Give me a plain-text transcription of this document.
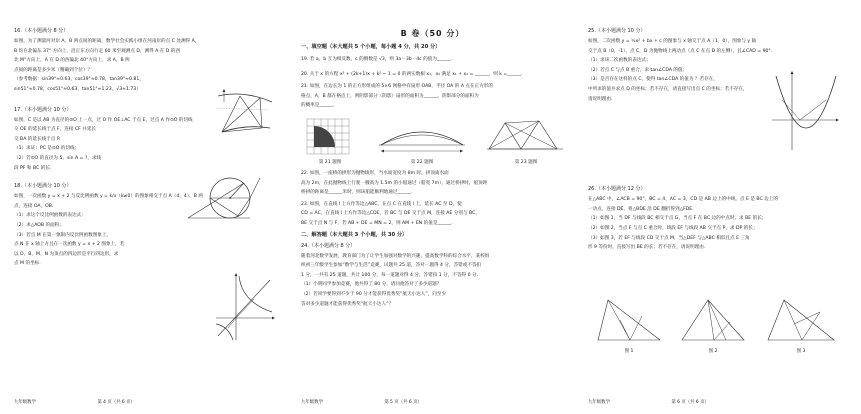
16.（本小题满分 8 分）

如图，为了测量河对岸 A，B 两点间的距离，数学社会实践小组在河南岸的点 C 处测得 A，

B 均在北偏东 37° 方向上，沿正东方向行走 60 米至观测点 D，测得 A 在 D 的西

北 M°方向上，A 在 D 的西偏北 40°方向上，求 A，B 两

点间的距离是多少米（精确到个位）？

（参考数据：sin39°≈0.63，cos39°≈0.78，tan39°≈0.81，

sin51°≈0.78，cos51°≈0.63，tan51°≈1.23，√3≈1.73）

17.（本小题满分 10 分）

如图，C 是以 AB 为直径的⊙O 上一点，过 O 作 OE⊥AC 于点 E，过点 A 作⊙O 的切线交 OE 的延长线于点 F，连接 CF 并延长

交 BA 的延长线于点 P.

（1）求证：PC 是⊙O 的切线；

（2）若⊙O 的直径为 5，sin A = ?，求线

段 PF 和 BC 的长.

18.（本小题满分 10 分）

如图，一次函数 y = x + 2 与反比例函数 y = k/x（k≠0）的图象相交于点 A（4，4）、B 两

点，连接 OA，OB.

（1）求这个反比例函数的表达式；

（2）求△AOB 的面积；

（3）若点 M 在第一象限内反比例函数图象上，

点 N 在 x 轴上方且在一次函数 y = x + 2 图象上，若

以 O、B、M、N 为顶点的四边形是平行四边形，求

点 M 的坐标.

九年级数学	第 4 页（共 6 页）

B 卷（50 分）

一、填空题（本大题共 5 个小题，每小题 4 分，共 20 分）

19. 若 a，b 互为相反数，c 的倒数是 √3，则 3a－3b－4c 的值为______.

20. 关于 x 的方程 x² + (2k+1)x + k² − 1 = 0 的两实数根 x₁，x₂ 满足 x₁ + x₂ = ______，则 k =______.

21. 如图，在边长为 1 的正方形组成的 5×6 网格中有扇形 OAB，半径 OA 的 A 点在正方形的

格点，A，B 都在格点上，则阴影部分（阴影）扇形的面积为______，阴影部分的面积为

的概率是______.

第 21 题图	第 22 题图	第 23 题图

22. 如图，一座桥的拱形为抛物线形，当水面宽度为 8m 时，拱顶离水面

高为 2m，在此抛物线上行驶一艘高为 1.5m 的小船通过（船宽 7m），通过桥拱时，船顶距

桥拱的距离是______米时，则该船能顺利地通过______.

23. 如图，在直线 l 上方作等边△ABC，在点 C 在直线 l 上，延长 AC 至 D，使

CD = AC，在直线 l 上方作等边△CDE，若 BC 与 DE 交于点 M，连接 AE 分别与 BC，

BE 交于点 N 与 F，若 AB + DE = MN = 2，则 AM + EN 的值是______.

二、解答题（本大题共 3 个小题，共 30 分）

24.（本小题满分 8 分）

随着河北数学发展，教育部门为了让学生加强对数学的兴趣，提高数学科的综合水平，某校组

织初三年级学生参加“数学与生活”竞赛，试题共 25 道，答对一题得 4 分，答错或不答扣

1 分，一共有 25 道题，共计 100 分，每一道题对得 4 分，答错扣 1 分，不答得 0 分.

（1）小明同学参加竞赛，他共得了 80 分，请问他答对了多少道题？

（2）若同学要得到不少于 90 分才能获得优秀奖“航天小达人”，问至少

答对多少道题才能获得优秀奖“航天小达人”？

九年级数学	第 5 页（共 6 页）

25.（本小题满分 10 分）

如图，二次函数 y = ½x² + bx + c 的图象与 x 轴交于点 A（1，0），图象与 y 轴

交于点 B（0，-1），点 C，D 为抛物线上两动点（点 C 在点 D 的左侧），且∠CAD = 90°.

（1）求该二次函数的表达式；

（2）若点 C 与点 B 重合，求 tan∠CDA 的值；

（3）是否存在这样的点 C，使得 tan∠CDA 的值为 ？若存在，

中所求的值并求点 D 的坐标；若不存在，请直接写出点 C 的坐标；若不存在，

请说明理由.

26.（本小题满分 12 分）

在△ABC 中，∠ACB = 90°，BC = 4，AC = 3，CD 是 AB 边上的中线，点 E 是 BC 边上的

一动点，连接 DE，将△BDE 沿 DE 翻折得到△FDE.

（1）如图 1，当 DF 与线段 BC 相交于点 G，当点 F 在 BC 边的中点时，求 BE 的长；

（2）如图 2，当点 F 与点 C 重合时，线段 EF 与线段 AB 交于点 P，求 DP 的长；

（3）如图 3，若 EF 与线段 CD 交于点 M，当△DEF 与△ABC 相似且点 E 三角

形 9 等份时，直接写出 BE 的长；若不存在，请说明理由.

图 1	图 2	图 3
九年级数学	第 6 页（共 6 页）
